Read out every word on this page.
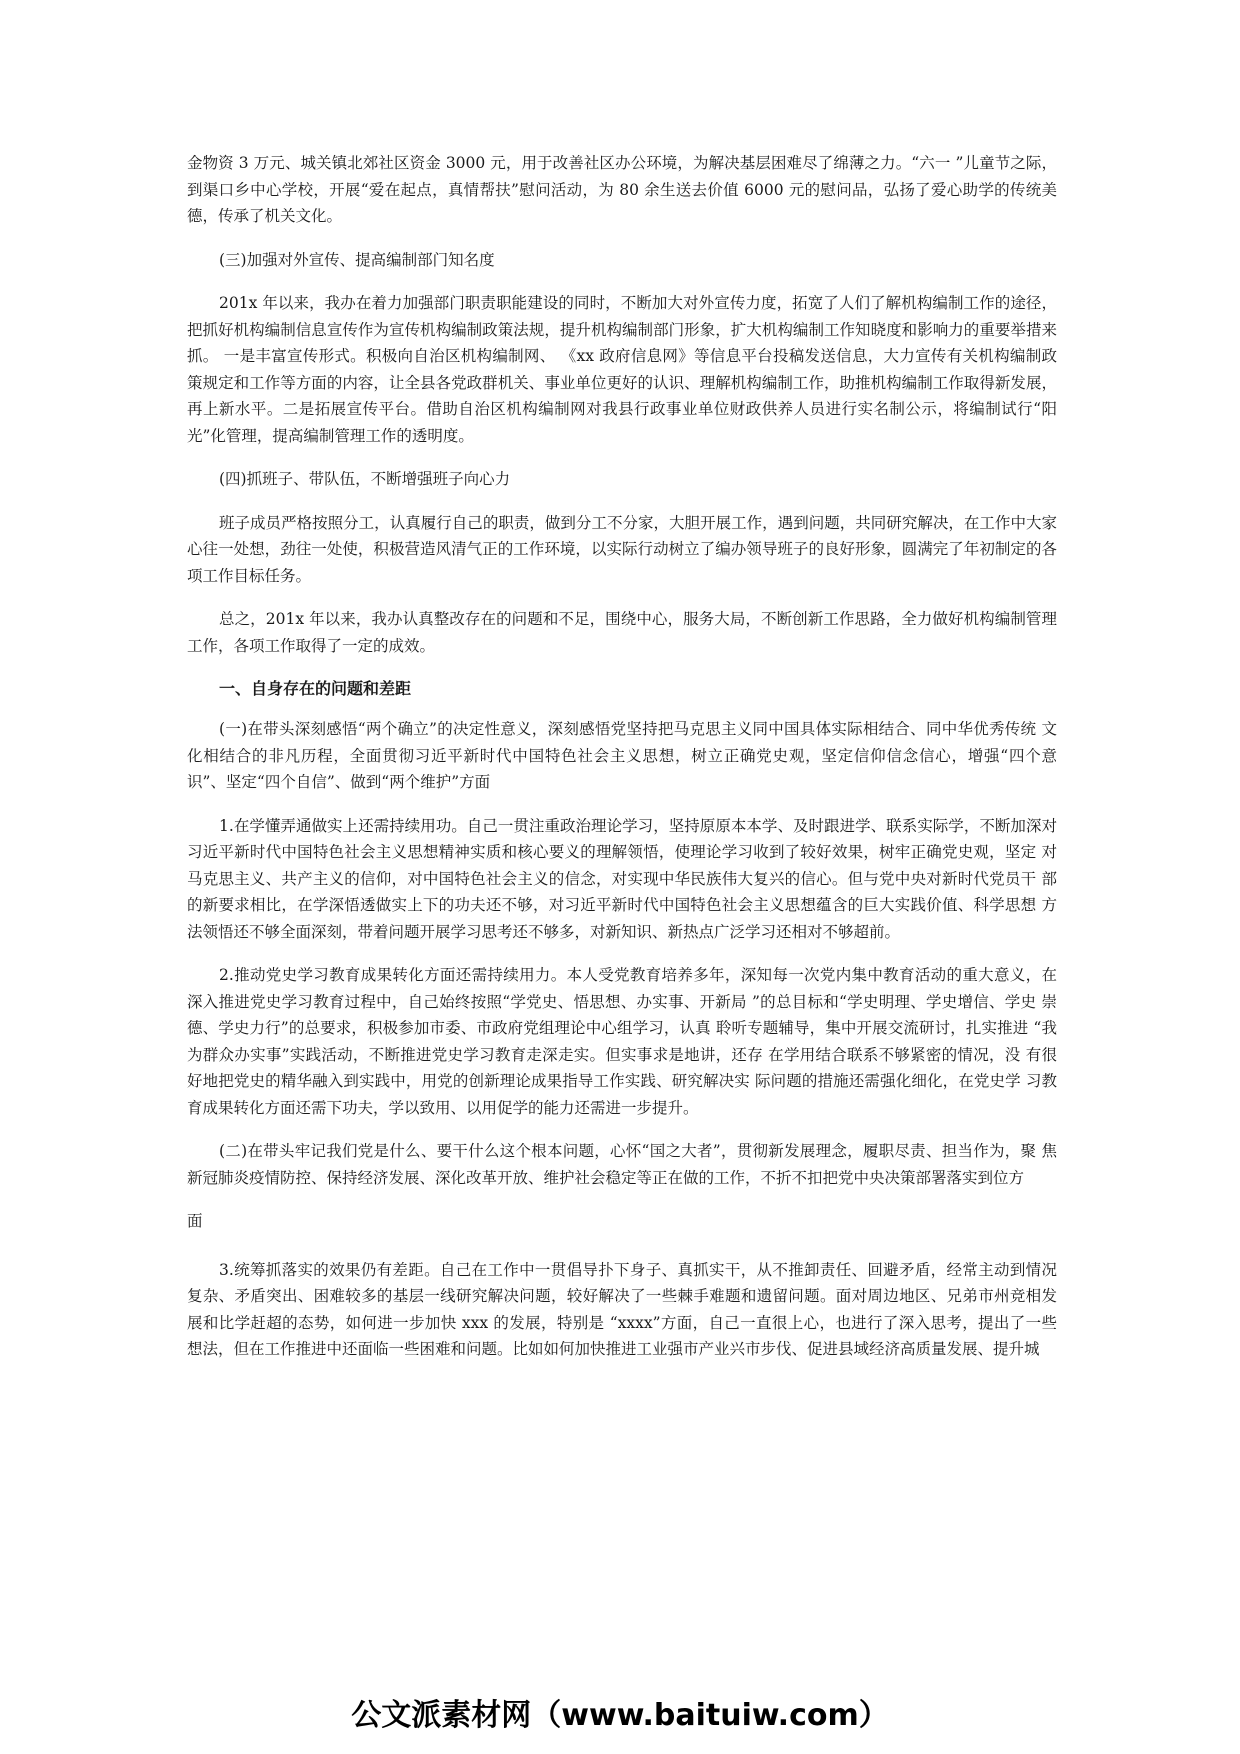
金物资 3 万元、城关镇北郊社区资金 3000 元，用于改善社区办公环境，为解决基层困难尽了绵薄之力。“六一 ”儿童节之际， 到渠口乡中心学校，开展“爱在起点，真情帮扶”慰问活动，为 80 余生送去价值 6000 元的慰问品，弘扬了爱心助学的传统美 德，传承了机关文化。

(三)加强对外宣传、提高编制部门知名度

201x 年以来，我办在着力加强部门职责职能建设的同时，不断加大对外宣传力度，拓宽了人们了解机构编制工作的途径，把抓好机构编制信息宣传作为宣传机构编制政策法规，提升机构编制部门形象，扩大机构编制工作知晓度和影响力的重要举措来抓。 一是丰富宣传形式。积极向自治区机构编制网、 《xx 政府信息网》等信息平台投稿发送信息，大力宣传有关机构编制政 策规定和工作等方面的内容，让全县各党政群机关、事业单位更好的认识、理解机构编制工作，助推机构编制工作取得新发展， 再上新水平。二是拓展宣传平台。借助自治区机构编制网对我县行政事业单位财政供养人员进行实名制公示，将编制试行“阳 光”化管理，提高编制管理工作的透明度。

(四)抓班子、带队伍，不断增强班子向心力

班子成员严格按照分工，认真履行自己的职责，做到分工不分家，大胆开展工作，遇到问题，共同研究解决，在工作中大家心往一处想，劲往一处使，积极营造风清气正的工作环境，以实际行动树立了编办领导班子的良好形象，圆满完了年初制定的各项工作目标任务。

总之，201x 年以来，我办认真整改存在的问题和不足，围绕中心，服务大局，不断创新工作思路，全力做好机构编制管理 工作，各项工作取得了一定的成效。

一、自身存在的问题和差距

(一)在带头深刻感悟“两个确立”的决定性意义，深刻感悟党坚持把马克思主义同中国具体实际相结合、同中华优秀传统 文化相结合的非凡历程，全面贯彻习近平新时代中国特色社会主义思想，树立正确党史观，坚定信仰信念信心，增强“四个意 识”、坚定“四个自信”、做到“两个维护”方面

1.在学懂弄通做实上还需持续用功。自己一贯注重政治理论学习，坚持原原本本学、及时跟进学、联系实际学，不断加深对习近平新时代中国特色社会主义思想精神实质和核心要义的理解领悟，使理论学习收到了较好效果，树牢正确党史观，坚定 对马克思主义、共产主义的信仰，对中国特色社会主义的信念，对实现中华民族伟大复兴的信心。但与党中央对新时代党员干 部的新要求相比，在学深悟透做实上下的功夫还不够，对习近平新时代中国特色社会主义思想蕴含的巨大实践价值、科学思想 方法领悟还不够全面深刻，带着问题开展学习思考还不够多，对新知识、新热点广泛学习还相对不够超前。

2.推动党史学习教育成果转化方面还需持续用力。本人受党教育培养多年，深知每一次党内集中教育活动的重大意义，在 深入推进党史学习教育过程中，自己始终按照“学党史、悟思想、办实事、开新局 ”的总目标和“学史明理、学史增信、学史 崇德、学史力行”的总要求，积极参加市委、市政府党组理论中心组学习，认真 聆听专题辅导，集中开展交流研讨，扎实推进 “我为群众办实事”实践活动，不断推进党史学习教育走深走实。但实事求是地讲，还存 在学用结合联系不够紧密的情况，没 有很好地把党史的精华融入到实践中，用党的创新理论成果指导工作实践、研究解决实 际问题的措施还需强化细化，在党史学 习教育成果转化方面还需下功夫，学以致用、以用促学的能力还需进一步提升。

(二)在带头牢记我们党是什么、要干什么这个根本问题，心怀“国之大者”，贯彻新发展理念，履职尽责、担当作为，聚 焦新冠肺炎疫情防控、保持经济发展、深化改革开放、维护社会稳定等正在做的工作，不折不扣把党中央决策部署落实到位方

面

3.统筹抓落实的效果仍有差距。自己在工作中一贯倡导扑下身子、真抓实干，从不推卸责任、回避矛盾，经常主动到情况 复杂、矛盾突出、困难较多的基层一线研究解决问题，较好解决了一些棘手难题和遗留问题。面对周边地区、兄弟市州竞相发 展和比学赶超的态势，如何进一步加快 xxx 的发展，特别是 “xxxx”方面，自己一直很上心，也进行了深入思考，提出了一些 想法，但在工作推进中还面临一些困难和问题。比如如何加快推进工业强市产业兴市步伐、促进县域经济高质量发展、提升城

公文派素材网（www.baituiw.com）
